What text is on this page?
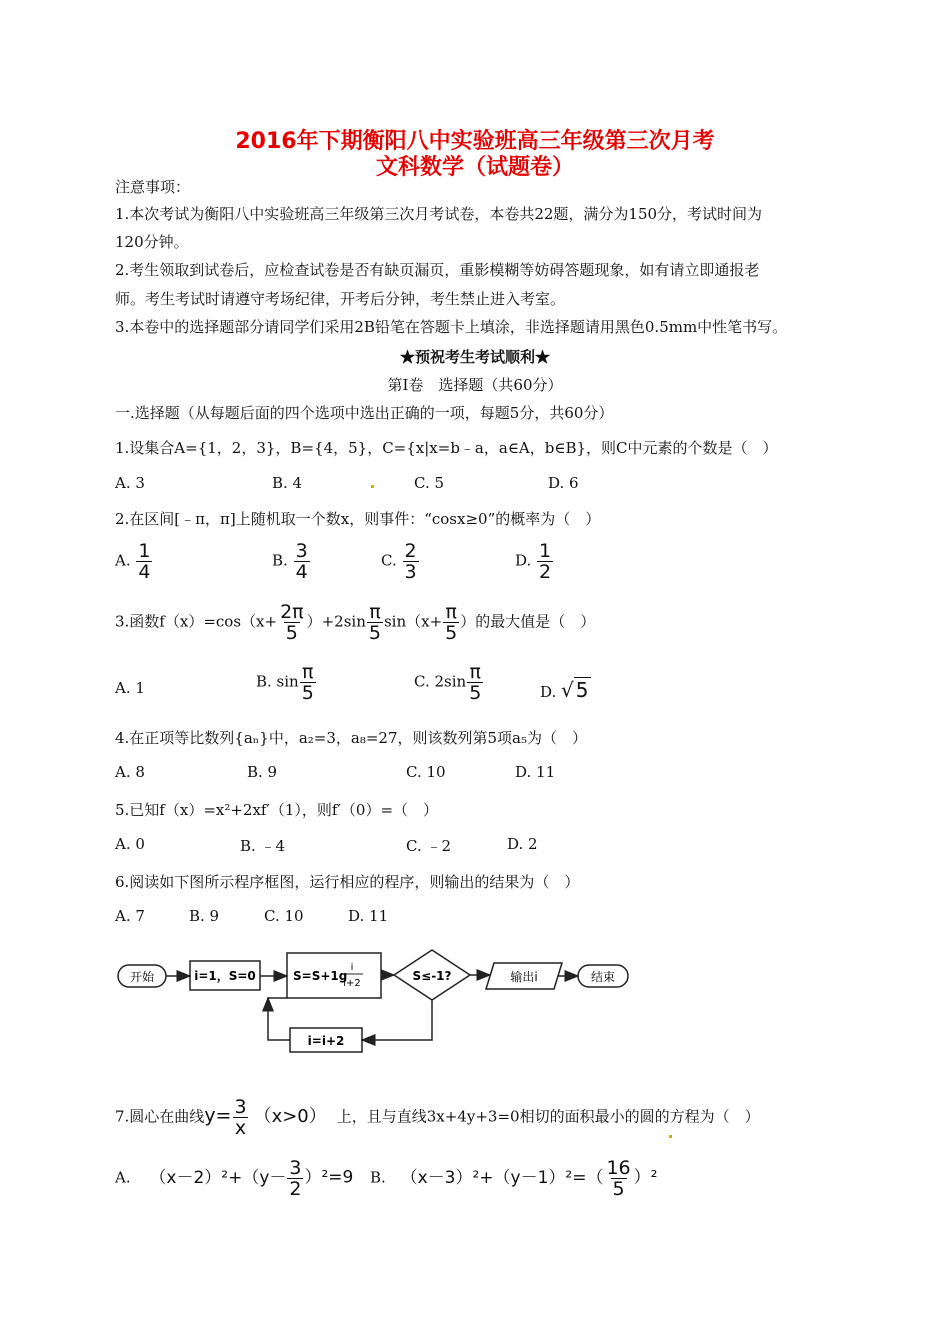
2016年下期衡阳八中实验班高三年级第三次月考
文科数学（试题卷）
注意事项：
1.本次考试为衡阳八中实验班高三年级第三次月考试卷，本卷共22题，满分为150分，考试时间为
120分钟。
2.考生领取到试卷后，应检查试卷是否有缺页漏页，重影模糊等妨碍答题现象，如有请立即通报老
师。考生考试时请遵守考场纪律，开考后分钟，考生禁止进入考室。
3.本卷中的选择题部分请同学们采用2B铅笔在答题卡上填涂，非选择题请用黑色0.5mm中性笔书写。
★预祝考生考试顺利★
第Ⅰ卷　选择题（共60分）
一.选择题（从每题后面的四个选项中选出正确的一项，每题5分，共60分）
1.设集合A={1，2，3}，B={4，5}，C={x|x=b﹣a，a∈A，b∈B}，则C中元素的个数是（　）
A. 3	B. 4	C. 5	D. 6
2.在区间[﹣π，π]上随机取一个数x，则事件：“cosx≥0”的概率为（　）
A. $\frac{1}{4}$	B. $\frac{3}{4}$	C. $\frac{2}{3}$	D. $\frac{1}{2}$
3.函数$f(x)=\cos(x+ \frac{2\pi}{5} )+2\sin \frac{\pi}{5} \sin(x+ \frac{\pi}{5}$ ）的最大值是（　）
A. 1	B. $\sin \frac{\pi}{5}$	C. $2\sin \frac{\pi}{5}$	D. √ 5
4.在正项等比数列{aₙ}中，a₂=3，a₈=27，则该数列第5项a₅为（　）
A. 8	B. 9	C. 10	D. 11
5.已知f（x）=x²+2xf′（1），则f′（0）=（　）
A. 0	B. ﹣4	C. ﹣2	D. 2
6.阅读如下图所示程序框图，运行相应的程序，则输出的结果为（　）
A. 7	B. 9	C. 10	D. 11
开始	i=1，S=0	S=S+1g
i
i+2
S≤-1?	输出i	结束
i=i+2
7.圆心在曲线$y= \frac{3}{x} (x>0)$ 上，且与直线3x+4y+3=0相切的面积最小的圆的方程为（　）
A. $(x-2)^2+(y- \frac{3}{2} )^2=9$ B. $(x-3)^2+(y-1)^2=( \frac{16}{5} )^2$
